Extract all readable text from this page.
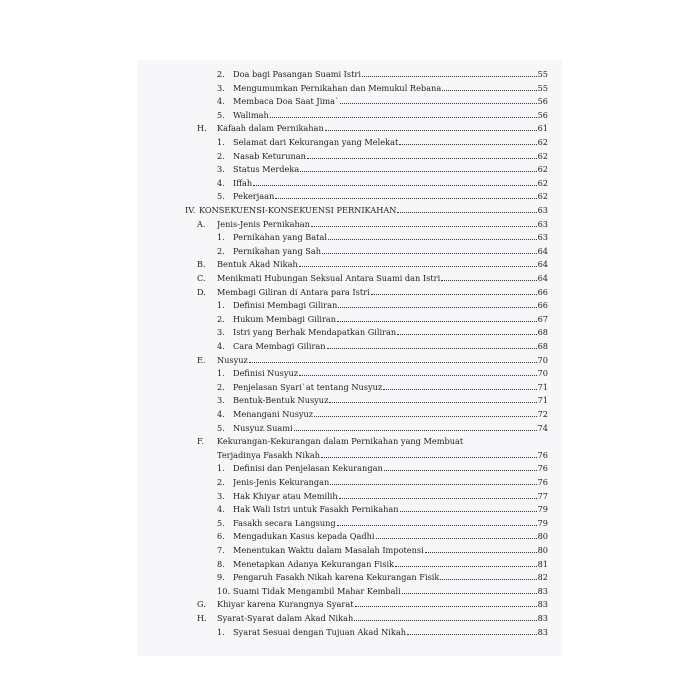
2. Doa bagi Pasangan Suami Istri	55
3. Mengumumkan Pernikahan dan Memukul Rebana	55
4. Membaca Doa Saat Jima`	56
5. Walimah	56
H. Kafaah dalam Pernikahan	61
1. Selamat dari Kekurangan yang Melekat	62
2. Nasab Keturunan	62
3. Status Merdeka	62
4. Iffah	62
5. Pekerjaan	62
IV. KONSEKUENSI-KONSEKUENSI PERNIKAHAN	63
A. Jenis-Jenis Pernikahan	63
1. Pernikahan yang Batal	63
2. Pernikahan yang Sah	64
B. Bentuk Akad Nikah	64
C. Menikmati Hubungan Seksual Antara Suami dan Istri	64
D. Membagi Giliran di Antara para Istri	66
1. Definisi Membagi Giliran	66
2. Hukum Membagi Giliran	67
3. Istri yang Berhak Mendapatkan Giliran	68
4. Cara Membagi Giliran	68
E. Nusyuz	70
1. Definisi Nusyuz	70
2. Penjelasan Syari`at tentang Nusyuz	71
3. Bentuk-Bentuk Nusyuz	71
4. Menangani Nusyuz	72
5. Nusyuz Suami	74
F. Kekurangan-Kekurangan dalam Pernikahan yang Membuat
Terjadinya Fasakh Nikah	76
1. Definisi dan Penjelasan Kekurangan	76
2. Jenis-Jenis Kekurangan	76
3. Hak Khiyar atau Memilih	77
4. Hak Wali Istri untuk Fasakh Pernikahan	79
5. Fasakh secara Langsung	79
6. Mengadukan Kasus kepada Qadhi	80
7. Menentukan Waktu dalam Masalah Impotensi	80
8. Menetapkan Adanya Kekurangan Fisik	81
9. Pengaruh Fasakh Nikah karena Kekurangan Fisik	82
10. Suami Tidak Mengambil Mahar Kembali	83
G. Khiyar karena Kurangnya Syarat	83
H. Syarat-Syarat dalam Akad Nikah	83
1. Syarat Sesuai dengan Tujuan Akad Nikah	83
